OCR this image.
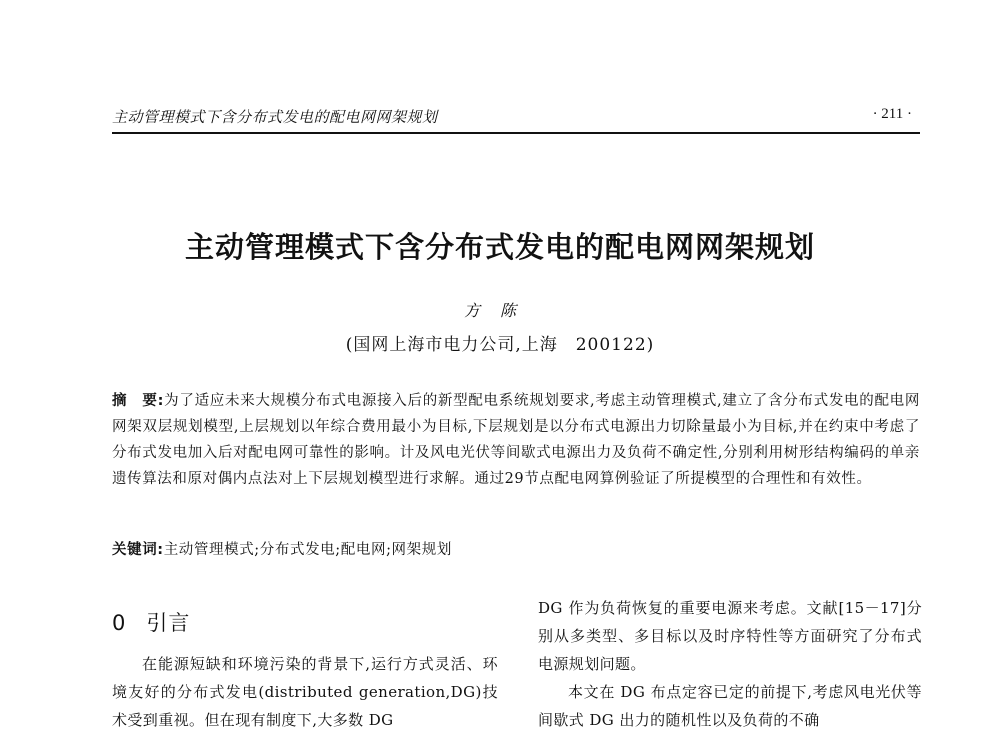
主动管理模式下含分布式发电的配电网网架规划	· 211 ·
主动管理模式下含分布式发电的配电网网架规划
方陈
(国网上海市电力公司,上海　200122)
摘　要:为了适应未来大规模分布式电源接入后的新型配电系统规划要求,考虑主动管理模式,建立了含分布式发电的配电网网架双层规划模型,上层规划以年综合费用最小为目标,下层规划是以分布式电源出力切除量最小为目标,并在约束中考虑了分布式发电加入后对配电网可靠性的影响。计及风电光伏等间歇式电源出力及负荷不确定性,分别利用树形结构编码的单亲遗传算法和原对偶内点法对上下层规划模型进行求解。通过29节点配电网算例验证了所提模型的合理性和有效性。
关键词:主动管理模式;分布式发电;配电网;网架规划
0 引言

在能源短缺和环境污染的背景下,运行方式灵活、环境友好的分布式发电(distributed generation,DG)技术受到重视。但在现有制度下,大多数 DG

DG 作为负荷恢复的重要电源来考虑。文献[15－17]分别从多类型、多目标以及时序特性等方面研究了分布式电源规划问题。

本文在 DG 布点定容已定的前提下,考虑风电光伏等间歇式 DG 出力的随机性以及负荷的不确
